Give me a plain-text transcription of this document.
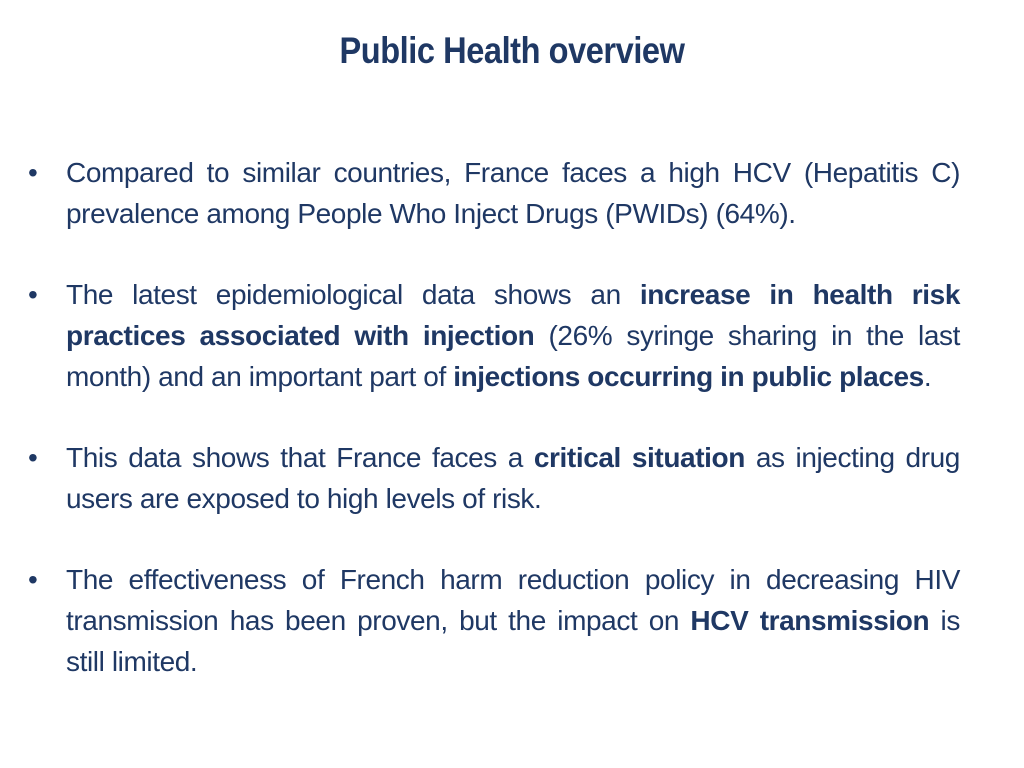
Public Health overview
•	Compared to similar countries, France faces a high HCV (Hepatitis C) prevalence among People Who Inject Drugs (PWIDs) (64%).
•	The latest epidemiological data shows an increase in health risk practices associated with injection (26% syringe sharing in the last month) and an important part of injections occurring in public places.
•	This data shows that France faces a critical situation as injecting drug users are exposed to high levels of risk.
•	The effectiveness of French harm reduction policy in decreasing HIV transmission has been proven, but the impact on HCV transmission is still limited.
